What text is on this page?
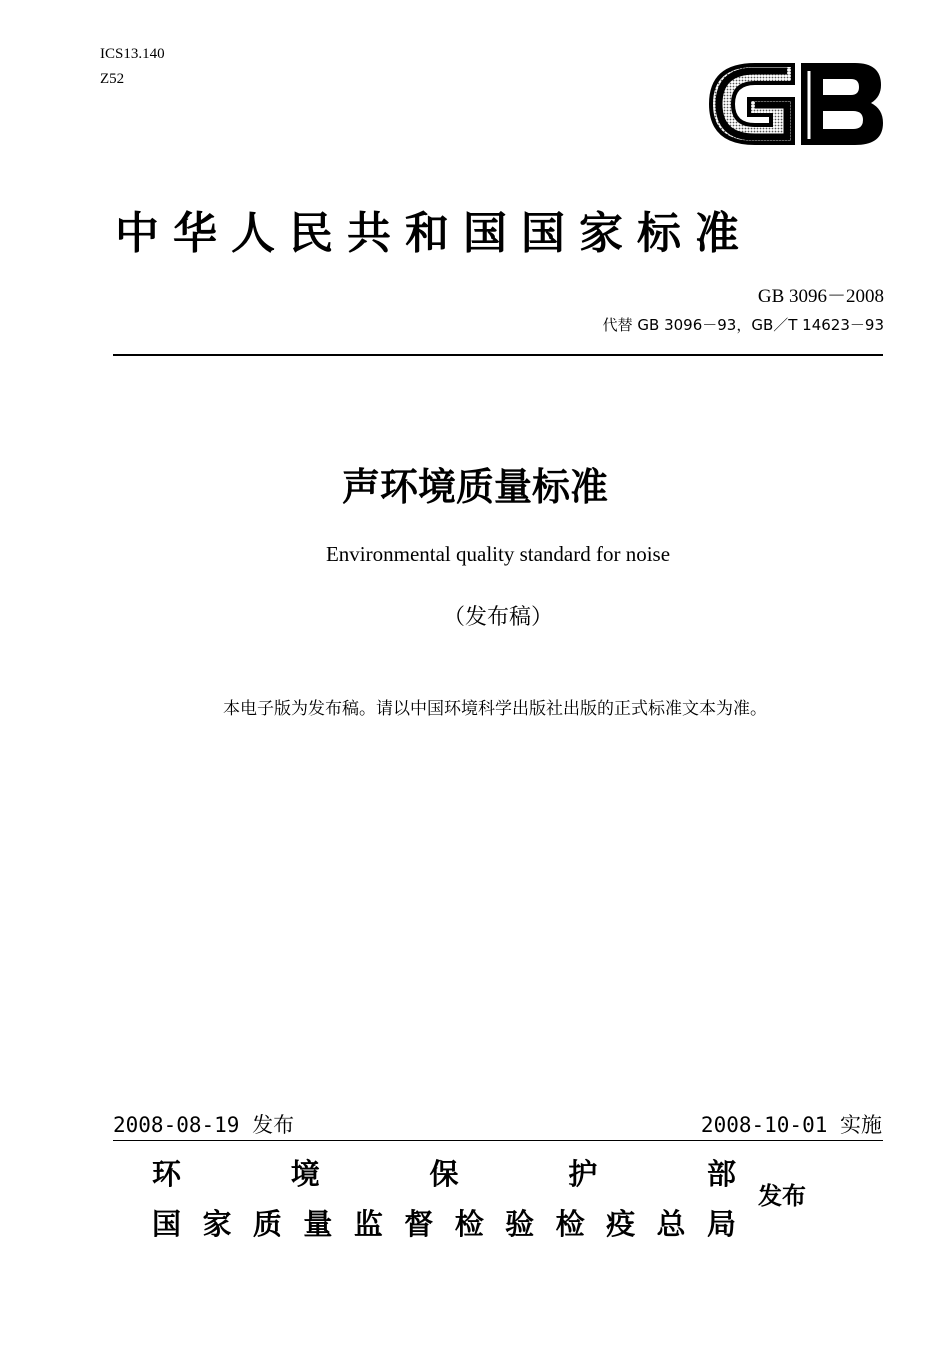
ICS13.140
Z52
中华人民共和国国家标准
GB 3096－2008
代替 GB 3096－93，GB／T 14623－93
声环境质量标准
Environmental quality standard for noise
（发布稿）
本电子版为发布稿。请以中国环境科学出版社出版的正式标准文本为准。
2008-08-19 发布	2008-10-01 实施
环	境	保	护	部
国 家 质 量 监 督 检 验 检 疫 总 局
发布
